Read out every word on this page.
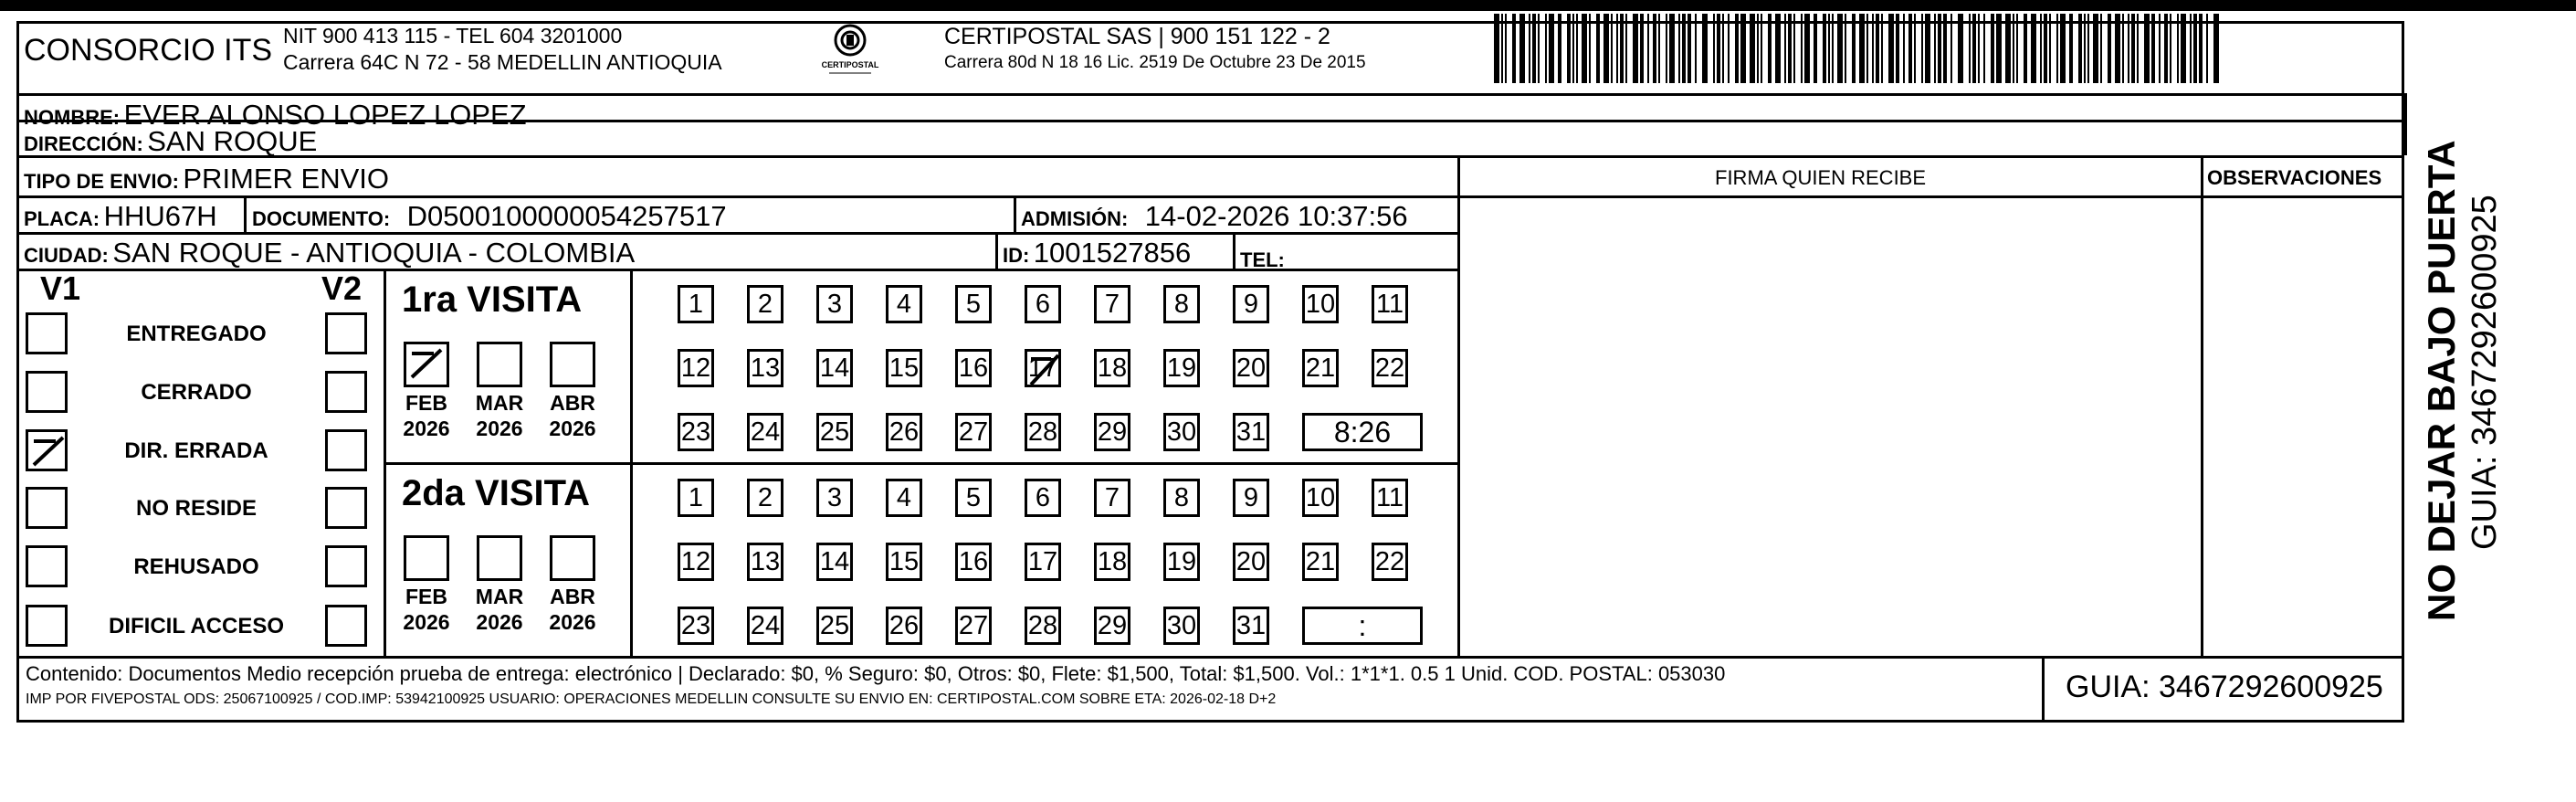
CONSORCIO ITS NIT 900 413 115 - TEL 604 3201000
Carrera 64C N 72 - 58 MEDELLIN ANTIOQUIA	CERTIPOSTAL
CERTIPOSTAL SAS | 900 151 122 - 2
Carrera 80d N 18 16 Lic. 2519 De Octubre 23 De 2015
NOMBRE: EVER ALONSO LOPEZ LOPEZ
DIRECCIÓN: SAN ROQUE
TIPO DE ENVIO: PRIMER ENVIO	FIRMA QUIEN RECIBE	OBSERVACIONES
PLACA: HHU67H DOCUMENTO: D0500100000054257517	ADMISIÓN: 14-02-2026 10:37:56
CIUDAD: SAN ROQUE - ANTIOQUIA - COLOMBIA	ID: 1001527856 TEL:
V1	V2
ENTREGADO
CERRADO
DIR. ERRADA
NO RESIDE
REHUSADO
DIFICIL ACCESO
1ra VISITA
FEB
2026
MAR
2026
ABR
2026
1	2	3	4	5	6	7	8	9	10 11
12 13 14 15 16 17 18 19 20 21 22
23 24 25 26 27 28 29 30 31	8:26
2da VISITA
FEB
2026
MAR
2026
ABR
2026
1	2	3	4	5	6	7	8	9	10 11
12 13 14 15 16 17 18 19 20 21 22
23 24 25 26 27 28 29 30 31	:
Contenido: Documentos Medio recepción prueba de entrega: electrónico | Declarado: $0, % Seguro: $0, Otros: $0, Flete: $1,500, Total: $1,500. Vol.: 1*1*1. 0.5 1 Unid. COD. POSTAL: 053030
IMP POR FIVEPOSTAL ODS: 25067100925 / COD.IMP: 53942100925 USUARIO: OPERACIONES MEDELLIN CONSULTE SU ENVIO EN: CERTIPOSTAL.COM SOBRE ETA: 2026-02-18 D+2	GUIA: 3467292600925
NO DEJAR BAJO PUERTA GUIA: 3467292600925
